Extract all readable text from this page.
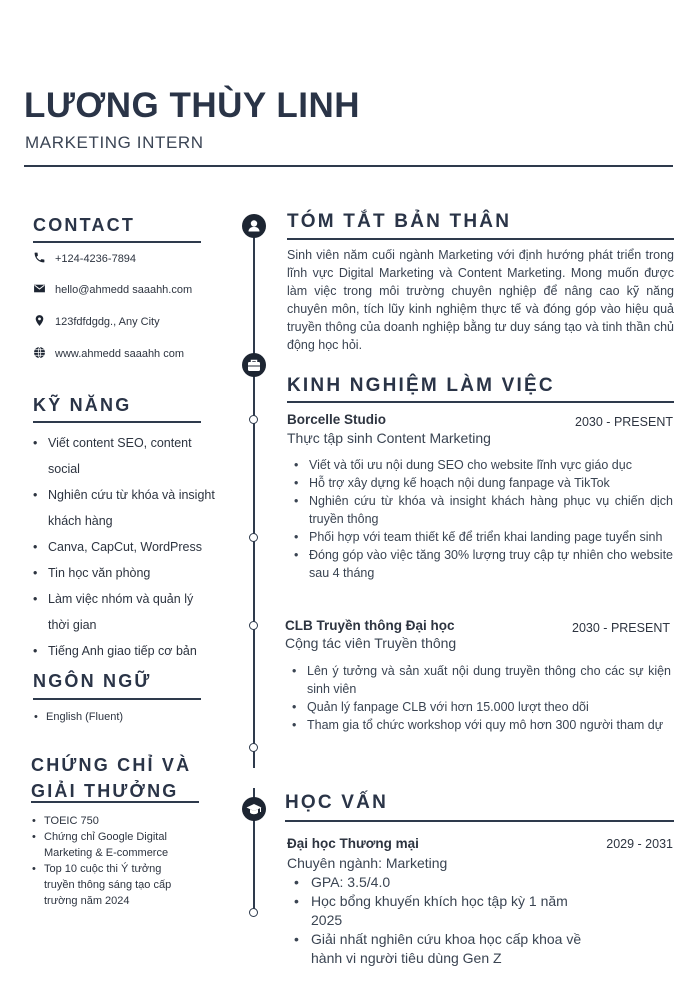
LƯƠNG THÙY LINH
MARKETING INTERN
CONTACT
+124-4236-7894
hello@ahmedd saaahh.com
123fdfdgdg., Any City
www.ahmedd saaahh com
KỸ NĂNG
• Viết content SEO, content social
• Nghiên cứu từ khóa và insight khách hàng
• Canva, CapCut, WordPress
• Tin học văn phòng
• Làm việc nhóm và quản lý thời gian
• Tiếng Anh giao tiếp cơ bản
NGÔN NGỮ
• English (Fluent)
CHỨNG CHỈ VÀ
GIẢI THƯỞNG
• TOEIC 750
• Chứng chỉ Google Digital Marketing & E-commerce
• Top 10 cuộc thi Ý tưởng truyền thông sáng tạo cấp trường năm 2024
TÓM TẮT BẢN THÂN
Sinh viên năm cuối ngành Marketing với định hướng phát triển trong lĩnh vực Digital Marketing và Content Marketing. Mong muốn được làm việc trong môi trường chuyên nghiệp để nâng cao kỹ năng chuyên môn, tích lũy kinh nghiệm thực tế và đóng góp vào hiệu quả truyền thông của doanh nghiệp bằng tư duy sáng tạo và tinh thần chủ động học hỏi.
KINH NGHIỆM LÀM VIỆC
Borcelle Studio	2030 - PRESENT
Thực tập sinh Content Marketing
• Viết và tối ưu nội dung SEO cho website lĩnh vực giáo dục
• Hỗ trợ xây dựng kế hoạch nội dung fanpage và TikTok
• Nghiên cứu từ khóa và insight khách hàng phục vụ chiến dịch truyền thông
• Phối hợp với team thiết kế để triển khai landing page tuyển sinh
• Đóng góp vào việc tăng 30% lượng truy cập tự nhiên cho website sau 4 tháng
CLB Truyền thông Đại học	2030 - PRESENT
Cộng tác viên Truyền thông
• Lên ý tưởng và sản xuất nội dung truyền thông cho các sự kiện sinh viên
• Quản lý fanpage CLB với hơn 15.000 lượt theo dõi
• Tham gia tổ chức workshop với quy mô hơn 300 người tham dự
HỌC VẤN
Đại học Thương mại	2029 - 2031
Chuyên ngành: Marketing
• GPA: 3.5/4.0
• Học bổng khuyến khích học tập kỳ 1 năm 2025
• Giải nhất nghiên cứu khoa học cấp khoa về hành vi người tiêu dùng Gen Z
